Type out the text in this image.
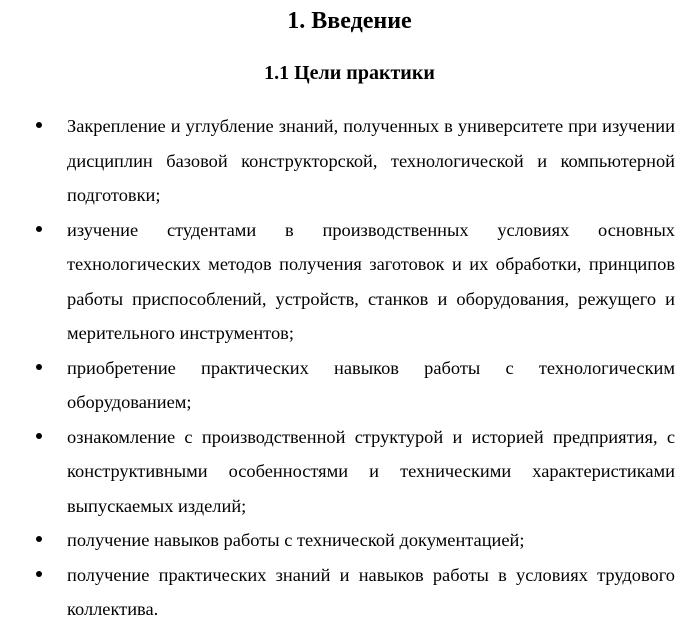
1. Введение
1.1 Цели практики
Закрепление и углубление знаний, полученных в университете при изучении дисциплин базовой конструкторской, технологической и компьютерной подготовки;
изучение студентами в производственных условиях основных технологических методов получения заготовок и их обработки, принципов работы приспособлений, устройств, станков и оборудования, режущего и мерительного инструментов;
приобретение практических навыков работы с технологическим оборудованием;
ознакомление с производственной структурой и историей предприятия, с конструктивными особенностями и техническими характеристиками выпускаемых изделий;
получение навыков работы с технической документацией;
получение практических знаний и навыков работы в условиях трудового коллектива.
